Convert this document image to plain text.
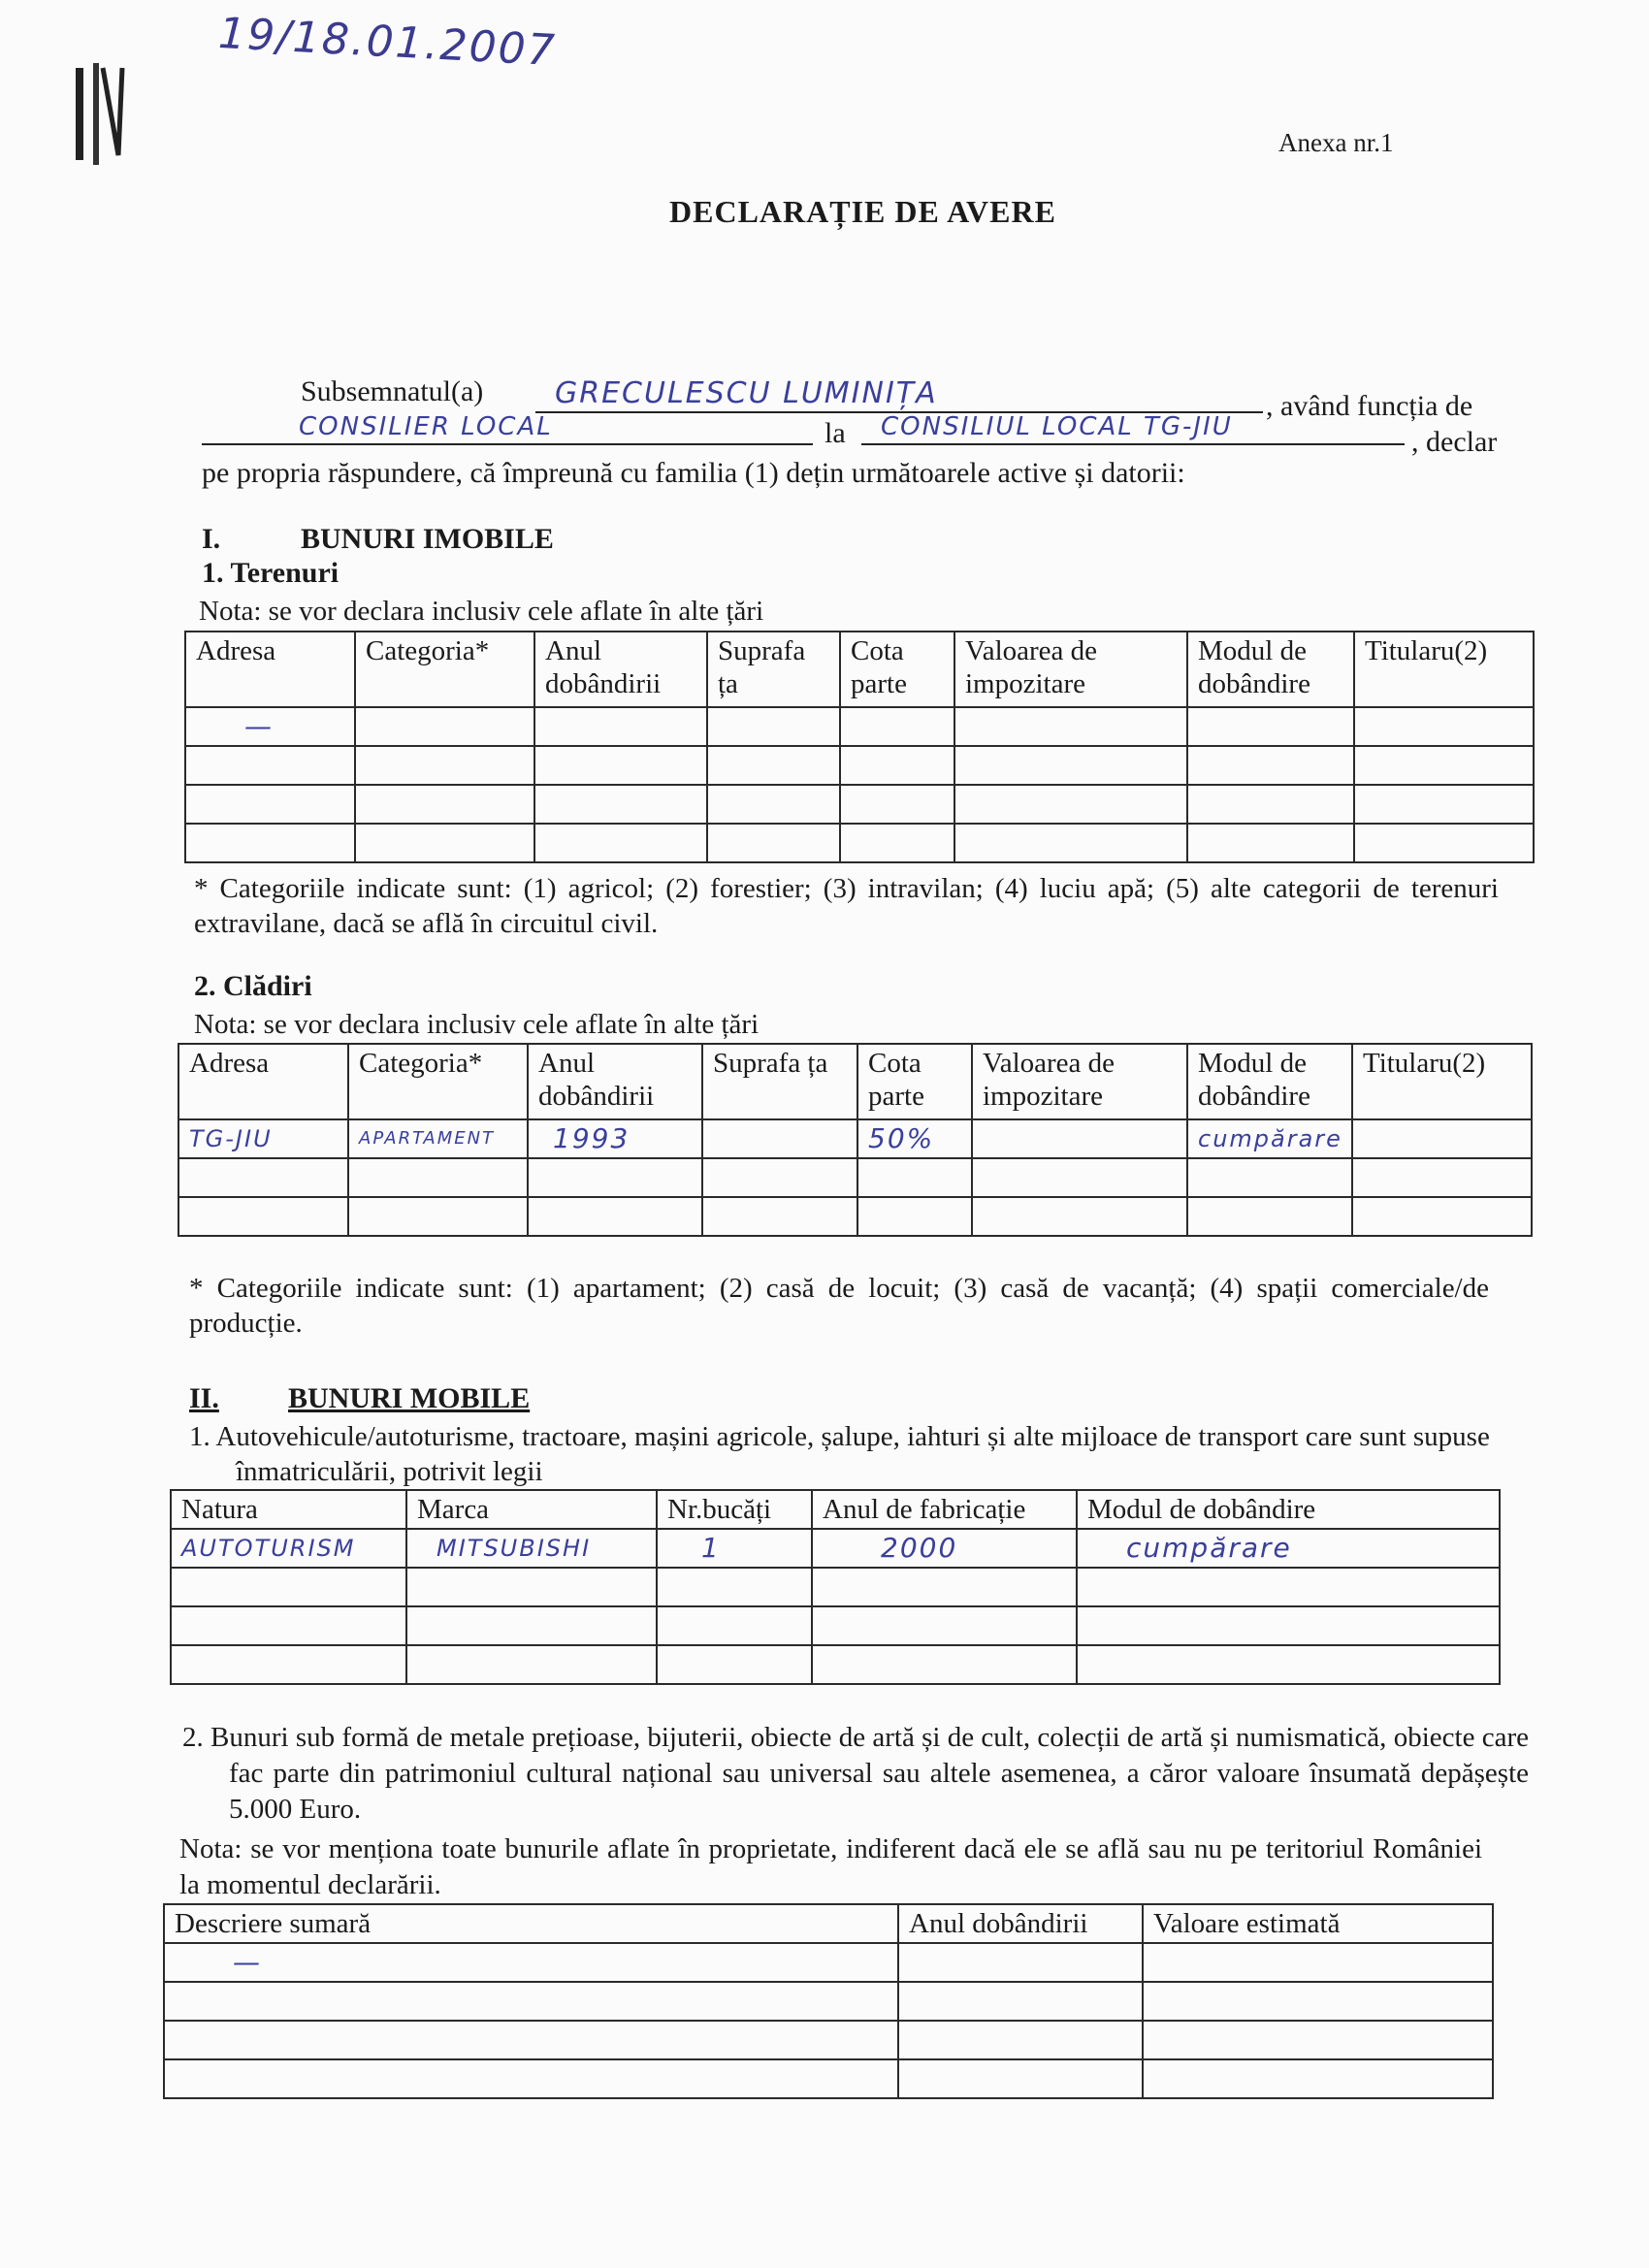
19/18.01.2007
Anexa nr.1
DECLARAȚIE DE AVERE
Subsemnatul(a)	GRECULESCU LUMINIȚA	, având funcția de
CONSILIER LOCAL	la	CONSILIUL LOCAL TG-JIU	, declar
pe propria răspundere, că împreună cu familia (1) dețin următoarele active și datorii:
I.	BUNURI IMOBILE
1. Terenuri
Nota: se vor declara inclusiv cele aflate în alte țări
Adresa	Categoria*	Anul dobândirii	Suprafa ța	Cota parte	Valoarea de impozitare	Modul de dobândire	Titularu(2)
—							

* Categoriile indicate sunt: (1) agricol; (2) forestier; (3) intravilan; (4) luciu apă; (5) alte categorii de terenuri extravilane, dacă se află în circuitul civil.
2. Clădiri
Nota: se vor declara inclusiv cele aflate în alte țări
Adresa	Categoria*	Anul dobândirii	Suprafa ța	Cota parte	Valoarea de impozitare	Modul de dobândire	Titularu(2)
TG-JIU	APARTAMENT	1993		50%		cumpărare	

* Categoriile indicate sunt: (1) apartament; (2) casă de locuit; (3) casă de vacanță; (4) spații comerciale/de producție.
II. BUNURI MOBILE
1. Autovehicule/autoturisme, tractoare, mașini agricole, șalupe, iahturi și alte mijloace de transport care sunt supuse înmatriculării, potrivit legii
Natura	Marca	Nr.bucăți	Anul de fabricație	Modul de dobândire
AUTOTURISM	MITSUBISHI	1	2000	cumpărare

2. Bunuri sub formă de metale prețioase, bijuterii, obiecte de artă și de cult, colecții de artă și numismatică, obiecte care fac parte din patrimoniul cultural național sau universal sau altele asemenea, a căror valoare însumată depășește 5.000 Euro.
Nota: se vor menționa toate bunurile aflate în proprietate, indiferent dacă ele se află sau nu pe teritoriul României la momentul declarării.
Descriere sumară	Anul dobândirii	Valoare estimată
—		
